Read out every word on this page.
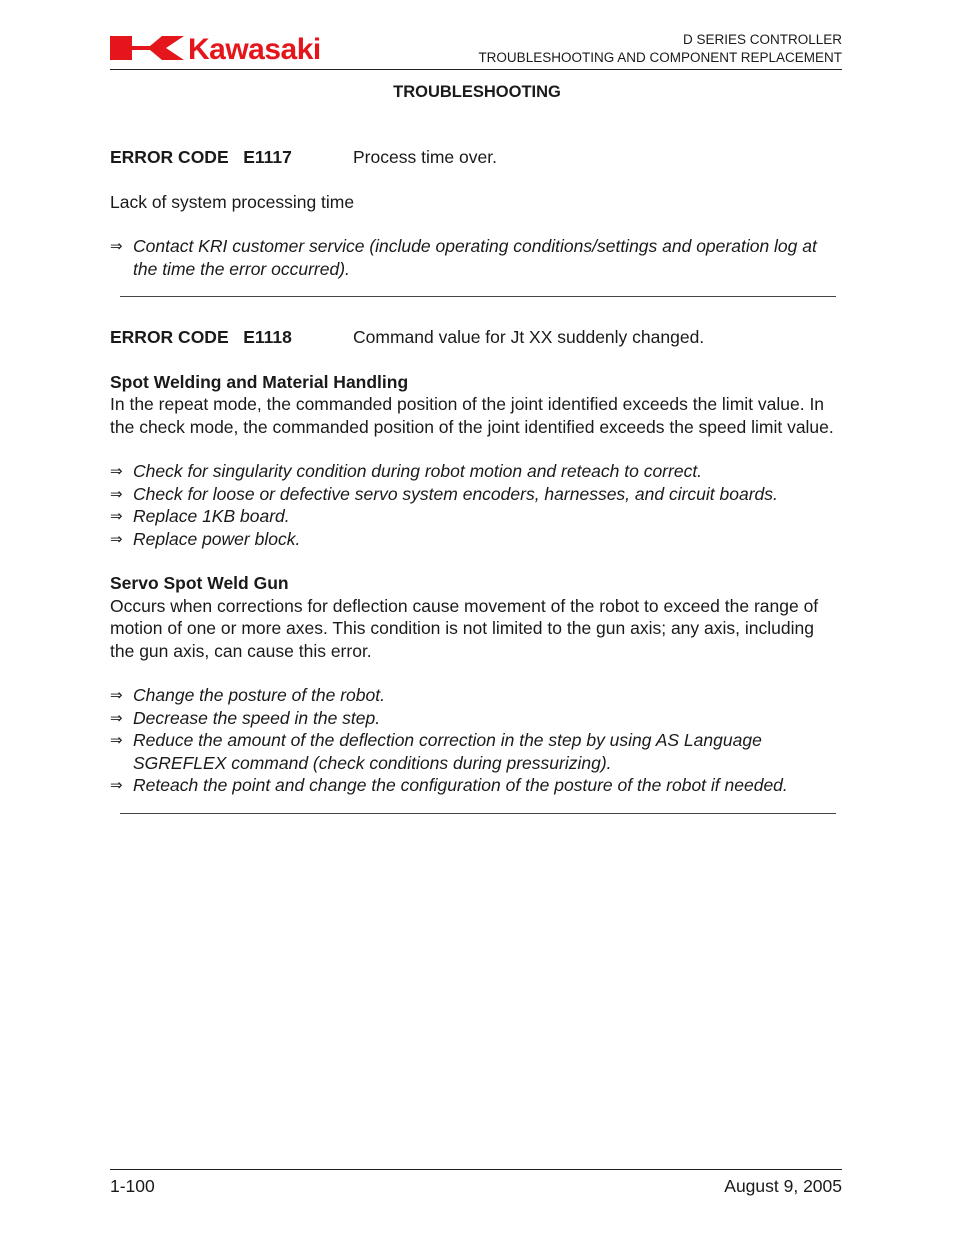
Kawasaki	D SERIES CONTROLLER
TROUBLESHOOTING AND COMPONENT REPLACEMENT
TROUBLESHOOTING
ERROR CODE   E1117	Process time over.
Lack of system processing time
⇒ Contact KRI customer service (include operating conditions/settings and operation log at the time the error occurred).
ERROR CODE   E1118	Command value for Jt XX suddenly changed.
Spot Welding and Material Handling
In the repeat mode, the commanded position of the joint identified exceeds the limit value. In the check mode, the commanded position of the joint identified exceeds the speed limit value.
⇒ Check for singularity condition during robot motion and reteach to correct.
⇒ Check for loose or defective servo system encoders, harnesses, and circuit boards.
⇒ Replace 1KB board.
⇒ Replace power block.
Servo Spot Weld Gun
Occurs when corrections for deflection cause movement of the robot to exceed the range of motion of one or more axes. This condition is not limited to the gun axis; any axis, including the gun axis, can cause this error.
⇒ Change the posture of the robot.
⇒ Decrease the speed in the step.
⇒ Reduce the amount of the deflection correction in the step by using AS Language SGREFLEX command (check conditions during pressurizing).
⇒ Reteach the point and change the configuration of the posture of the robot if needed.
1-100	August 9, 2005
